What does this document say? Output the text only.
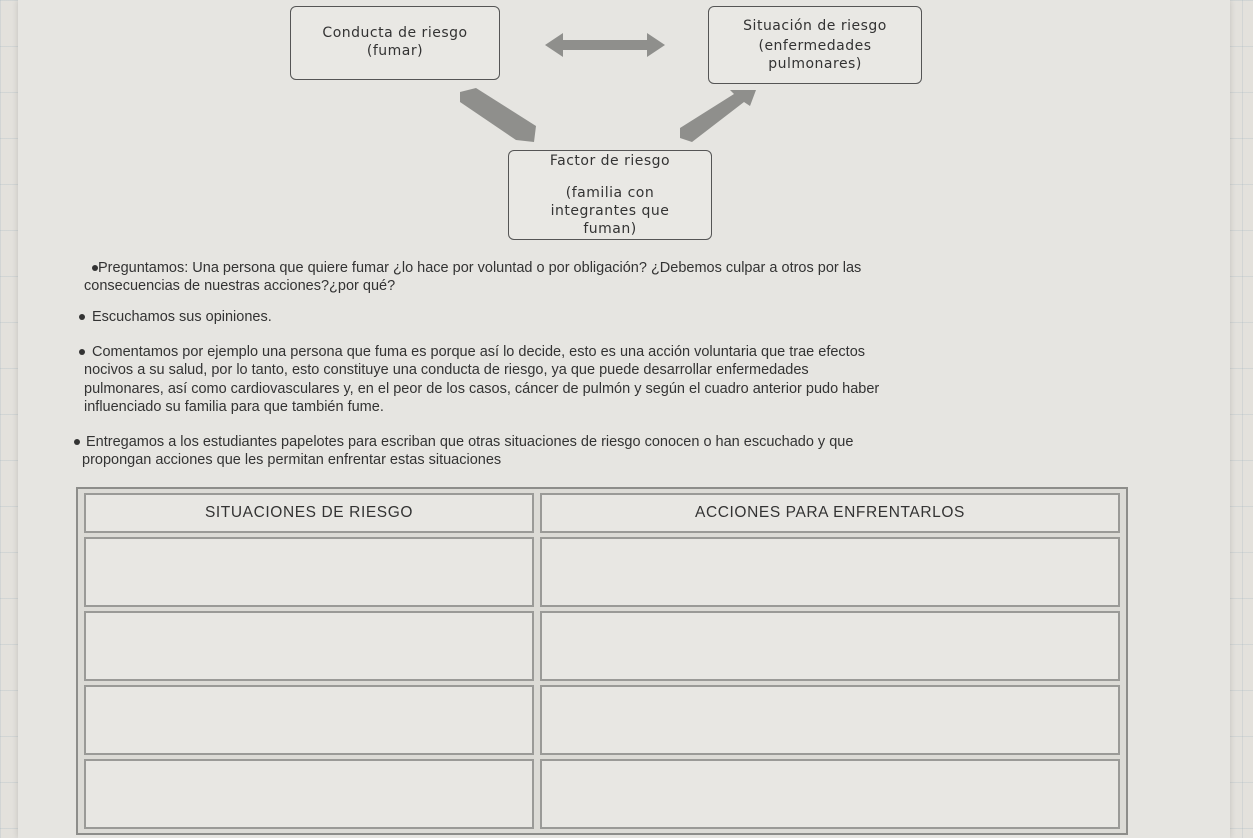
Conducta de riesgo
(fumar)
Situación de riesgo
(enfermedades
pulmonares)
Factor de riesgo
(familia con
integrantes que
fuman)
Preguntamos: Una persona que quiere fumar ¿lo hace por voluntad o por obligación? ¿Debemos culpar a otros por las
consecuencias de nuestras acciones?¿por qué?
Escuchamos sus opiniones.
Comentamos por ejemplo una persona que fuma es porque así lo decide, esto es una acción voluntaria que trae efectos
nocivos a su salud, por lo tanto, esto constituye una conducta de riesgo, ya que puede desarrollar enfermedades
pulmonares, así como cardiovasculares y, en el peor de los casos, cáncer de pulmón y según el cuadro anterior pudo haber
influenciado su familia para que también fume.
Entregamos a los estudiantes papelotes para escriban que otras situaciones de riesgo conocen o han escuchado y que
propongan acciones que les permitan enfrentar estas situaciones
SITUACIONES DE RIESGO	ACCIONES PARA ENFRENTARLOS
